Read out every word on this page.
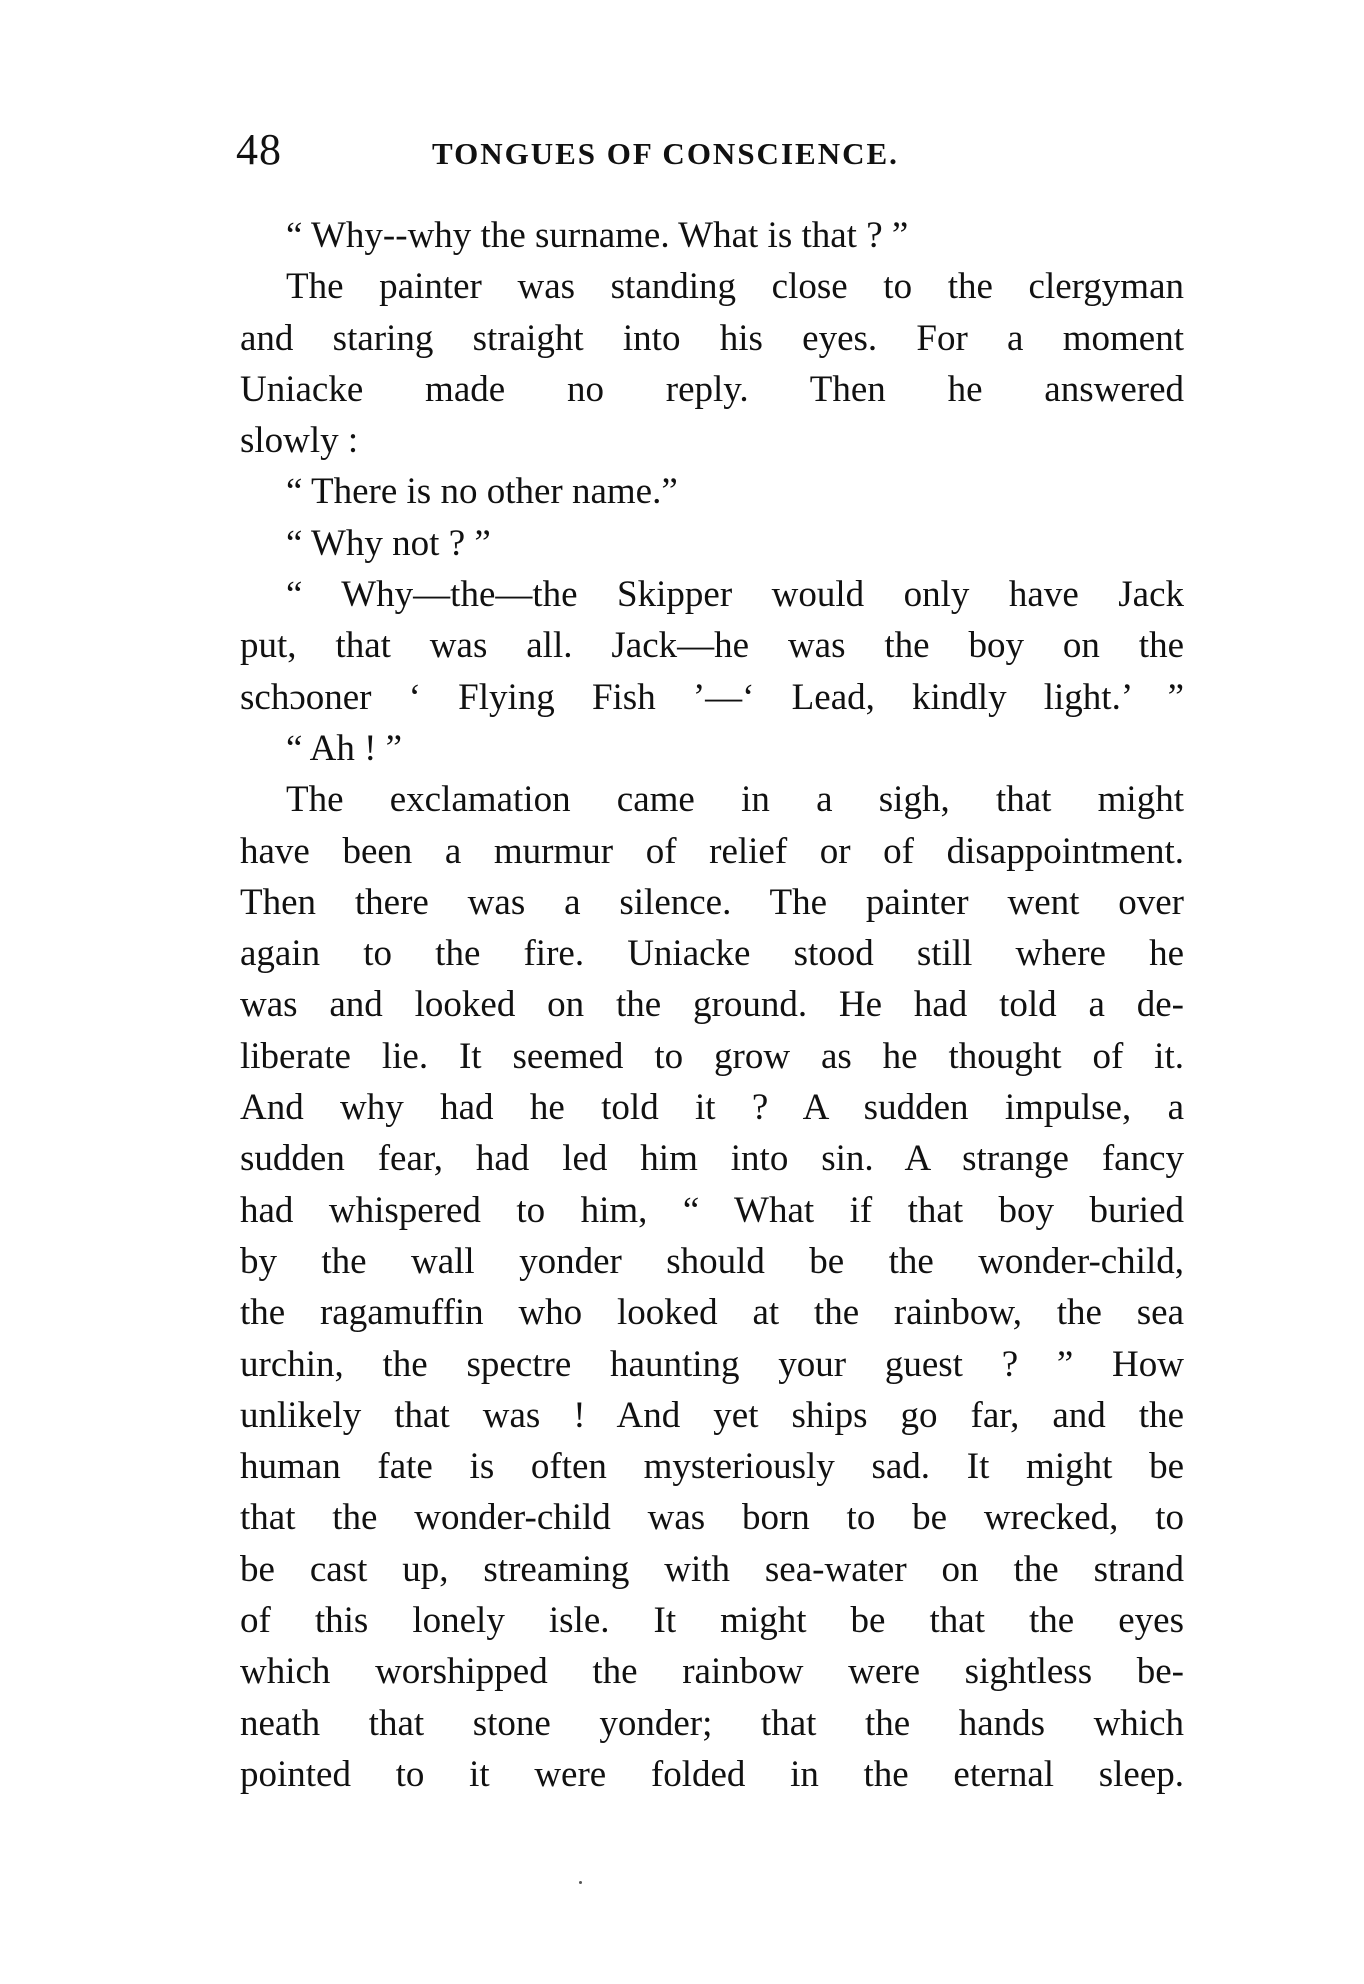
48	TONGUES OF CONSCIENCE.
“ Why--why the surname. What is that ? ”
The painter was standing close to the clergyman
and staring straight into his eyes. For a moment
Uniacke made no reply. Then he answered
slowly :
“ There is no other name.”
“ Why not ? ”
“ Why—the—the Skipper would only have Jack
put, that was all. Jack—he was the boy on the
schɔoner ‘ Flying Fish ’—‘ Lead, kindly light.’ ”
“ Ah ! ”
The exclamation came in a sigh, that might
have been a murmur of relief or of disappointment.
Then there was a silence. The painter went over
again to the fire. Uniacke stood still where he
was and looked on the ground. He had told a de-
liberate lie. It seemed to grow as he thought of it.
And why had he told it ? A sudden impulse, a
sudden fear, had led him into sin. A strange fancy
had whispered to him, “ What if that boy buried
by the wall yonder should be the wonder-child,
the ragamuffin who looked at the rainbow, the sea
urchin, the spectre haunting your guest ? ” How
unlikely that was ! And yet ships go far, and the
human fate is often mysteriously sad. It might be
that the wonder-child was born to be wrecked, to
be cast up, streaming with sea-water on the strand
of this lonely isle. It might be that the eyes
which worshipped the rainbow were sightless be-
neath that stone yonder; that the hands which
pointed to it were folded in the eternal sleep.
